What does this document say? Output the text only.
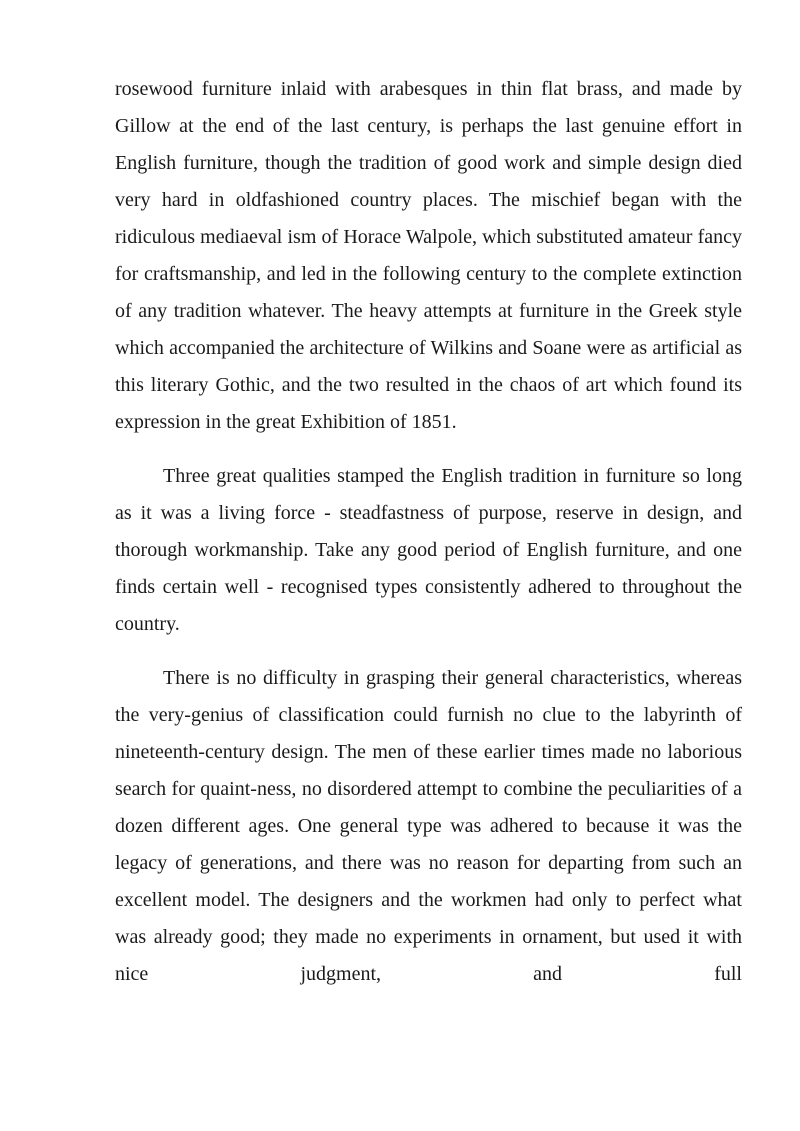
rosewood furniture inlaid with arabesques in thin flat brass, and made by Gillow at the end of the last century, is perhaps the last genuine effort in English furniture, though the tradition of good work and simple design died very hard in oldfashioned country places. The mischief began with the ridiculous mediaeval ism of Horace Walpole, which substituted amateur fancy for craftsmanship, and led in the following century to the complete extinction of any tradition whatever. The heavy attempts at furniture in the Greek style which accompanied the architecture of Wilkins and Soane were as artificial as this literary Gothic, and the two resulted in the chaos of art which found its expression in the great Exhibition of 1851.

Three great qualities stamped the English tradition in furniture so long as it was a living force - steadfastness of purpose, reserve in design, and thorough workmanship. Take any good period of English furniture, and one finds certain well - recognised types consistently adhered to throughout the country.

There is no difficulty in grasping their general characteristics, whereas the very-genius of classification could furnish no clue to the labyrinth of nineteenth-century design. The men of these earlier times made no laborious search for quaint-ness, no disordered attempt to combine the peculiarities of a dozen different ages. One general type was adhered to because it was the legacy of generations, and there was no reason for departing from such an excellent model. The designers and the workmen had only to perfect what was already good; they made no experiments in ornament, but used it with nice judgment, and full
